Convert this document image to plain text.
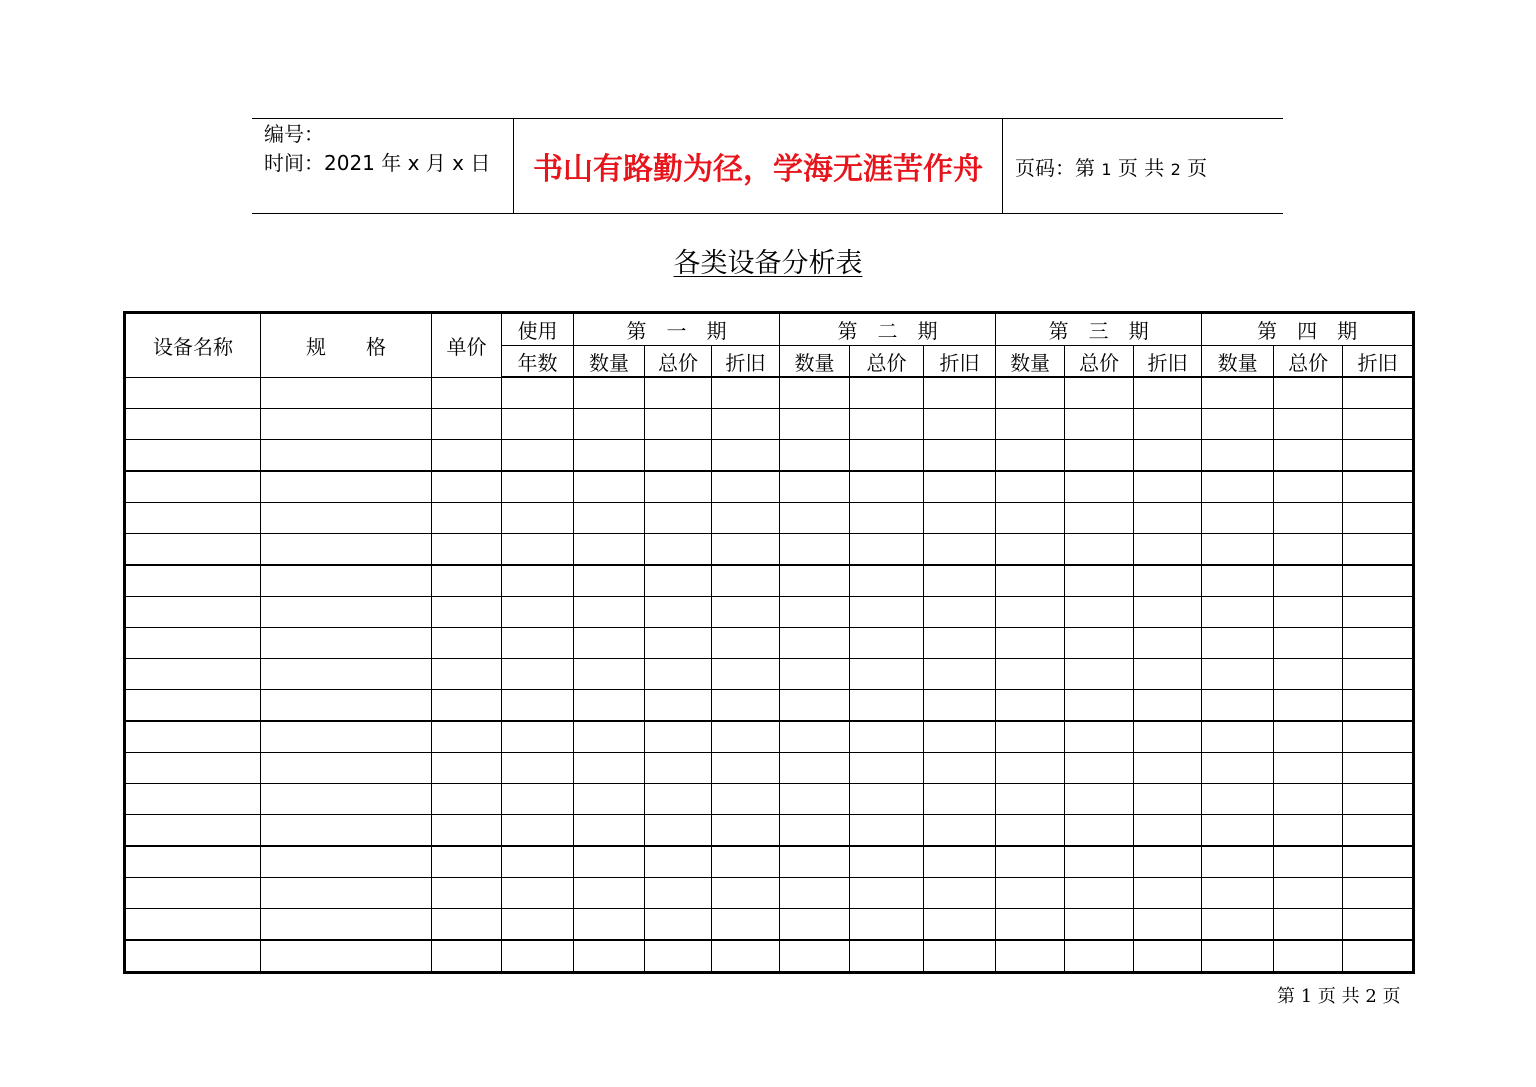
编号：
时间：2021 年 x 月 x 日 书山有路勤为径，学海无涯苦作舟 页码：第 1 页 共 2 页
各类设备分析表
设备名称	规　　格	单价	使用	第　一　期			第　二　期			第　三　期			第　四　期		
			年数	数量	总价	折旧	数量	总价	折旧	数量	总价	折旧	数量	总价	折旧

第 1 页 共 2 页
